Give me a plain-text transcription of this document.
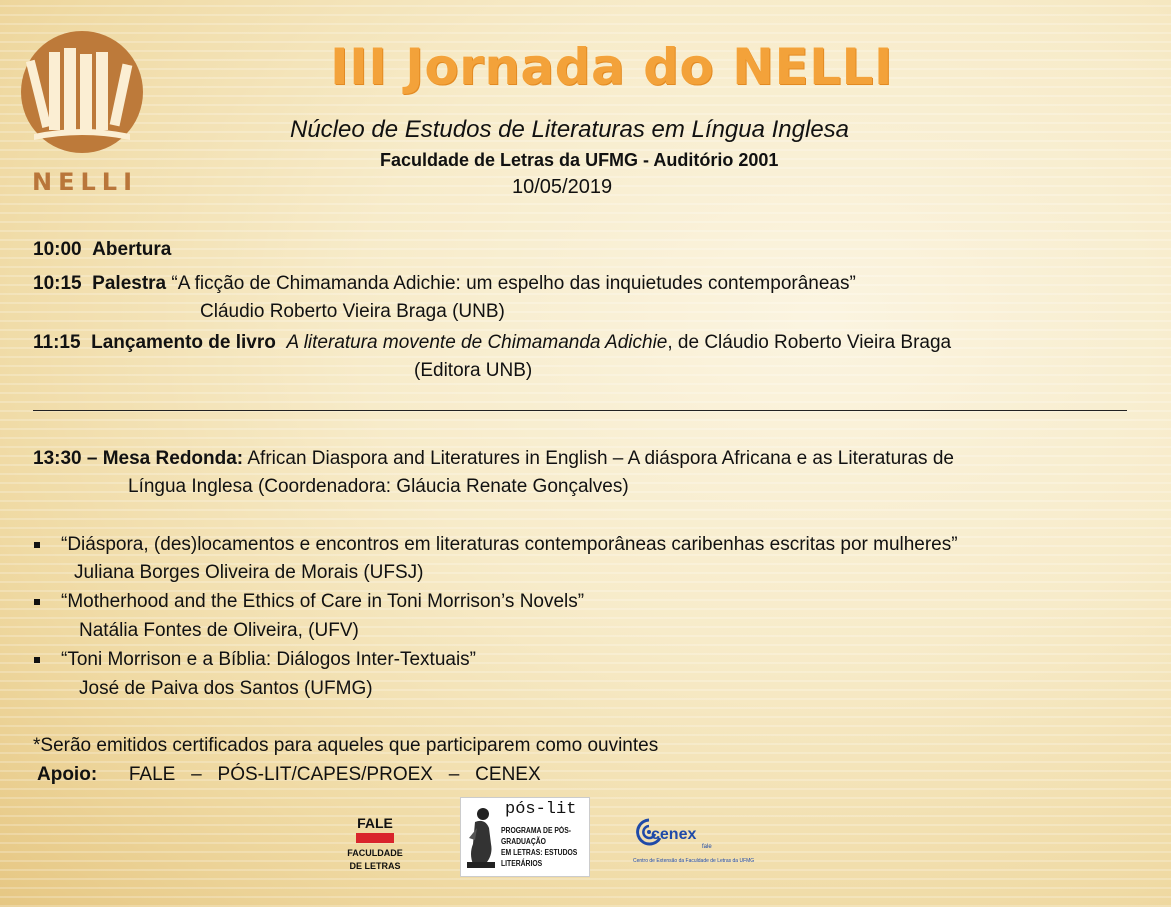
NELLI
III Jornada do NELLI
Núcleo de Estudos de Literaturas em Língua Inglesa
Faculdade de Letras da UFMG - Auditório 2001
10/05/2019
10:00 Abertura
10:15 Palestra “A ficção de Chimamanda Adichie: um espelho das inquietudes contemporâneas”
Cláudio Roberto Vieira Braga (UNB)
11:15 Lançamento de livro A literatura movente de Chimamanda Adichie, de Cláudio Roberto Vieira Braga
(Editora UNB)
13:30 – Mesa Redonda: African Diaspora and Literatures in English – A diáspora Africana e as Literaturas de
Língua Inglesa (Coordenadora: Gláucia Renate Gonçalves)
“Diáspora, (des)locamentos e encontros em literaturas contemporâneas caribenhas escritas por mulheres”
Juliana Borges Oliveira de Morais (UFSJ)
“Motherhood and the Ethics of Care in Toni Morrison’s Novels”
Natália Fontes de Oliveira, (UFV)
“Toni Morrison e a Bíblia: Diálogos Inter-Textuais”
José de Paiva dos Santos (UFMG)
*Serão emitidos certificados para aqueles que participarem como ouvintes
Apoio: FALE   –   PÓS-LIT/CAPES/PROEX   –   CENEX
FALE
FACULDADE
DE LETRAS
pós-lit
PROGRAMA DE PÓS-GRADUAÇÃO
EM LETRAS: ESTUDOS LITERÁRIOS
cenex
fale
Centro de Extensão da Faculdade de Letras da UFMG
